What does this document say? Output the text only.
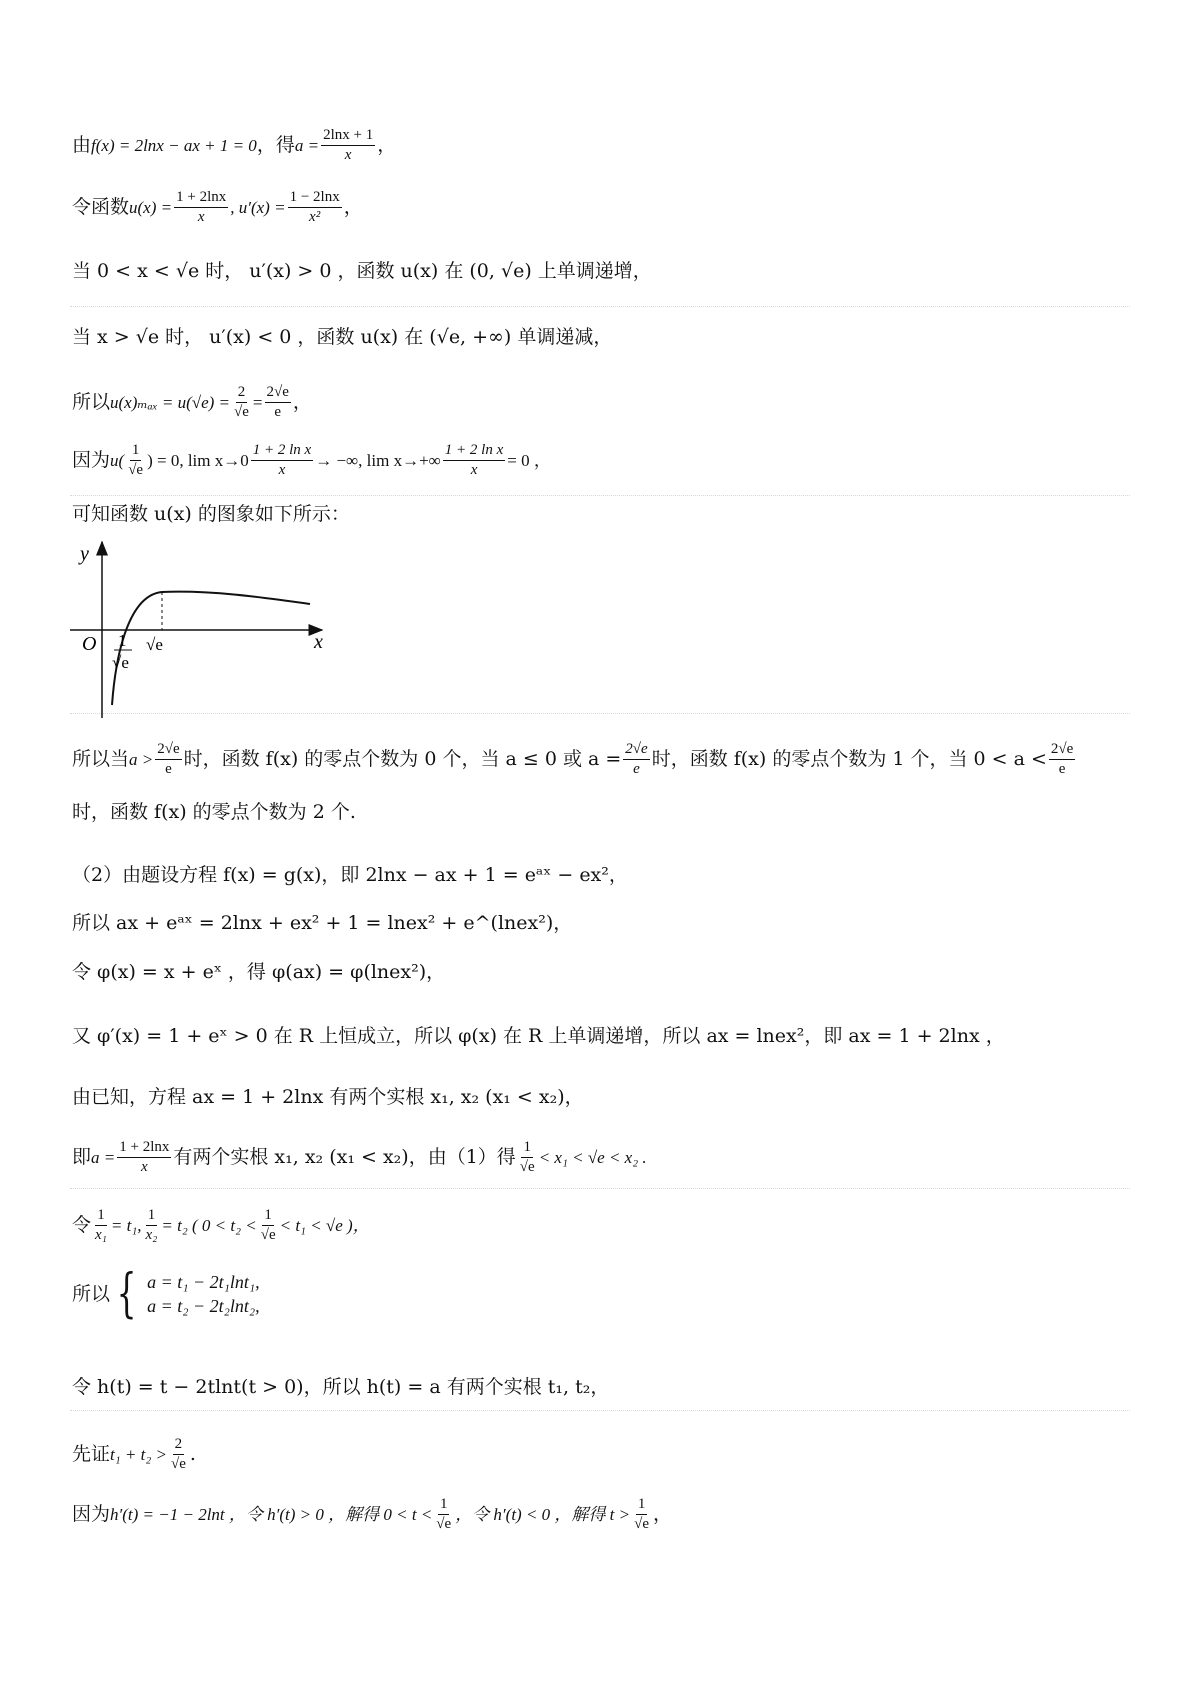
由 f(x) = 2lnx − ax + 1 = 0 ，得 $a = \frac{2\ln x + 1}{x}$ ，
令函数 $u(x) = \frac{1 + 2\ln x}{x}$ , $u'(x) = \frac{1 - 2\ln x}{\text{x²}}$ ，
当 0 < x < √e 时， u′(x) > 0 ，函数 u(x) 在 (0, √e) 上单调递增，
当 x > √e 时， u′(x) < 0 ，函数 u(x) 在 (√e, +∞) 单调递减，
所以 $u(x)_{max} = u(√e) = \frac{2}{√e} = \frac{2√e}{e}$ ，
因为 $u( \frac{1}{√e}$ ) = 0, $\lim x\to 0 \frac{\text{1 + 2 ln x}}{x}$ → −∞, $\lim x\to+\infty \frac{\text{1 + 2 ln x}}{x} = 0$ ，
可知函数 u(x) 的图象如下所示：
y
x
O 1
√e
√e
所以当 $a > \frac{2√e}{e}$ 时，函数 f(x) 的零点个数为 0 个，当 a ≤ 0 或 $a = \frac{2√e}{e}$ 时，函数 f(x) 的零点个数为 1 个，当 $0 < a < \frac{2√e}{e}$
时，函数 f(x) 的零点个数为 2 个.
（2）由题设方程 f(x) = g(x)，即 2lnx − ax + 1 = eᵃˣ − ex²，
所以 ax + eᵃˣ = 2lnx + ex² + 1 = lnex² + e^(lnex²)，
令 φ(x) = x + eˣ ，得 φ(ax) = φ(lnex²)，
又 φ′(x) = 1 + eˣ > 0 在 R 上恒成立，所以 φ(x) 在 R 上单调递增，所以 ax = lnex²，即 ax = 1 + 2lnx ，
由已知，方程 ax = 1 + 2lnx 有两个实根 x₁, x₂ (x₁ < x₂)，
即 $a = \frac{1 + 2\ln x}{x}$ 有两个实根 x₁, x₂ (x₁ < x₂)，由（1）得 $\frac{1}{√e} < x_1 < √e < x_2$ .
令 $\frac{1}{\text{x₁}} = t_1$, $\frac{1}{\text{x₂}} = t_2$ ( $0 < t_2 < \frac{1}{√e} < t_1 < √e$ )，
所以 { a = t₁ − 2t₁lnt₁,
a = t₂ − 2t₂lnt₂,
令 h(t) = t − 2tlnt(t > 0)，所以 h(t) = a 有两个实根 t₁, t₂，
先证 $t_1 + t_2 > \frac{2}{√e}$ .
因为 h′(t) = −1 − 2lnt ，令 h′(t) > 0 ，解得 $0 < t < \frac{1}{√e}$ ，令 h′(t) < 0 ，解得 $t > \frac{1}{√e}$ ，
